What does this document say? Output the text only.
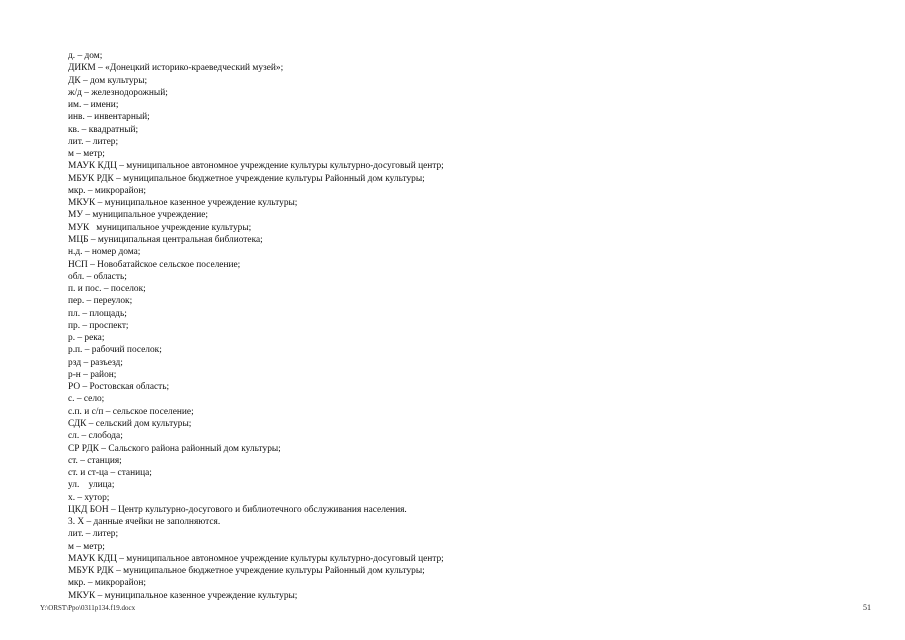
д. – дом;
ДИКМ – «Донецкий историко-краеведческий музей»;
ДК – дом культуры;
ж/д – железнодорожный;
им. – имени;
инв. – инвентарный;
кв. – квадратный;
лит. – литер;
м – метр;
МАУК КДЦ – муниципальное автономное учреждение культуры культурно-досуговый центр;
МБУК РДК – муниципальное бюджетное учреждение культуры Районный дом культуры;
мкр. – микрорайон;
МКУК – муниципальное казенное учреждение культуры;
МУ – муниципальное учреждение;
МУК   муниципальное учреждение культуры;
МЦБ – муниципальная центральная библиотека;
н.д. – номер дома;
НСП – Новобатайское сельское поселение;
обл. – область;
п. и пос. – поселок;
пер. – переулок;
пл. – площадь;
пр. – проспект;
р. – река;
р.п. – рабочий поселок;
рзд – разъезд;
р-н – район;
РО – Ростовская область;
с. – село;
с.п. и с/п – сельское поселение;
СДК – сельский дом культуры;
сл. – слобода;
СР РДК – Сальского района районный дом культуры;
ст. – станция;
ст. и ст-ца – станица;
ул.    улица;
х. – хутор;
ЦКД БОН – Центр культурно-досугового и библиотечного обслуживания населения.
3. Х – данные ячейки не заполняются.
лит. – литер;
м – метр;
МАУК КДЦ – муниципальное автономное учреждение культуры культурно-досуговый центр;
МБУК РДК – муниципальное бюджетное учреждение культуры Районный дом культуры;
мкр. – микрорайон;
МКУК – муниципальное казенное учреждение культуры;
Y:\ORST\Ppo\0311p134.f19.docx	51
